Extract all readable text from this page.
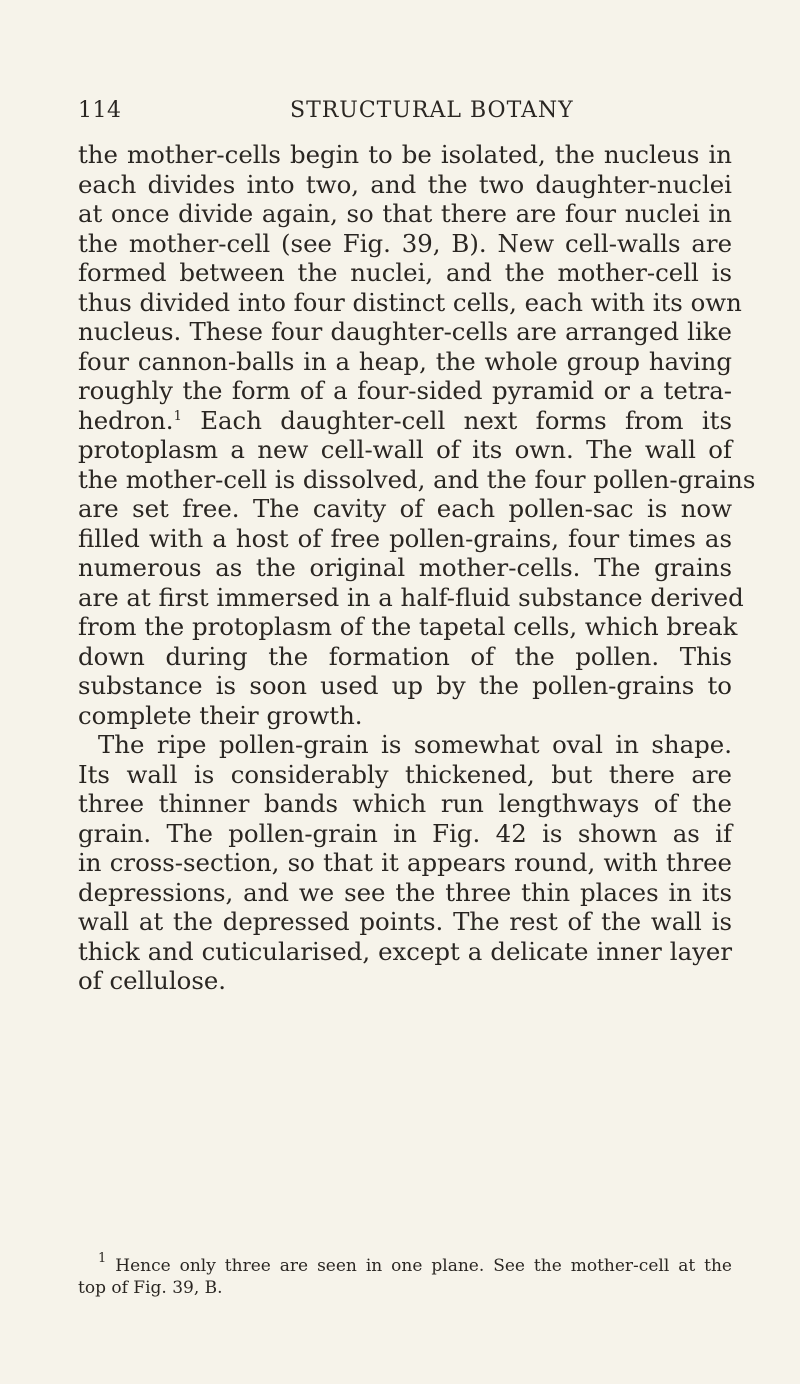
114	STRUCTURAL BOTANY
the mother-cells begin to be isolated, the nucleus in
each divides into two, and the two daughter-nuclei
at once divide again, so that there are four nuclei in
the mother-cell (see Fig. 39, B). New cell-walls are
formed between the nuclei, and the mother-cell is
thus divided into four distinct cells, each with its own
nucleus. These four daughter-cells are arranged like
four cannon-balls in a heap, the whole group having
roughly the form of a four-sided pyramid or a tetra-
hedron.$^1$ Each daughter-cell next forms from its
protoplasm a new cell-wall of its own. The wall of
the mother-cell is dissolved, and the four pollen-grains
are set free. The cavity of each pollen-sac is now
filled with a host of free pollen-grains, four times as
numerous as the original mother-cells. The grains
are at first immersed in a half-fluid substance derived
from the protoplasm of the tapetal cells, which break
down during the formation of the pollen. This
substance is soon used up by the pollen-grains to
complete their growth.
The ripe pollen-grain is somewhat oval in shape.
Its wall is considerably thickened, but there are
three thinner bands which run lengthways of the
grain. The pollen-grain in Fig. 42 is shown as if
in cross-section, so that it appears round, with three
depressions, and we see the three thin places in its
wall at the depressed points. The rest of the wall is
thick and cuticularised, except a delicate inner layer
of cellulose.
$^1$ Hence only three are seen in one plane. See the mother-cell at the
top of Fig. 39, B.
